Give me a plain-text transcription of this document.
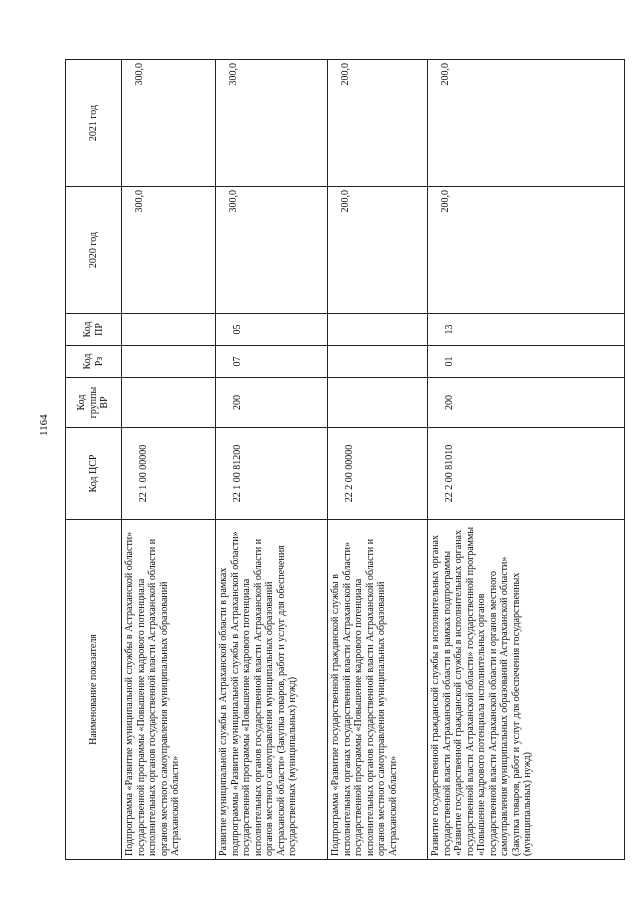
1164
Наименование показателя	Код ЦСР	Код группы ВР	Код Рз	Код ПР	2020 год	2021 год
Подпрограмма «Развитие муниципальной службы в Астраханской области» государственной программы «Повышение кадрового потенциала исполнительных органов государственной власти Астраханской области и органов местного самоуправления муниципальных образований Астраханской области»	22 1 00 00000				300,0	300,0
Развитие муниципальной службы в Астраханской области в рамках подпрограммы «Развитие муниципальной службы в Астраханской области» государственной программы «Повышение кадрового потенциала исполнительных органов государственной власти Астраханской области и органов местного самоуправления муниципальных образований Астраханской области» (Закупка товаров, работ и услуг для обеспечения государственных (муниципальных) нужд)	22 1 00 81200	200	07	05	300,0	300,0
Подпрограмма «Развитие государственной гражданской службы в исполнительных органах государственной власти Астраханской области» государственной программы «Повышение кадрового потенциала исполнительных органов государственной власти Астраханской области и органов местного самоуправления муниципальных образований Астраханской области»	22 2 00 00000				200,0	200,0
Развитие государственной гражданской службы в исполнительных органах государственной власти Астраханской области в рамках подпрограммы «Развитие государственной гражданской службы в исполнительных органах государственной власти Астраханской области» государственной программы «Повышение кадрового потенциала исполнительных органов государственной власти Астраханской области и органов местного самоуправления муниципальных образований Астраханской области» (Закупка товаров, работ и услуг для обеспечения государственных (муниципальных) нужд)	22 2 00 81010	200	01	13	200,0	200,0
